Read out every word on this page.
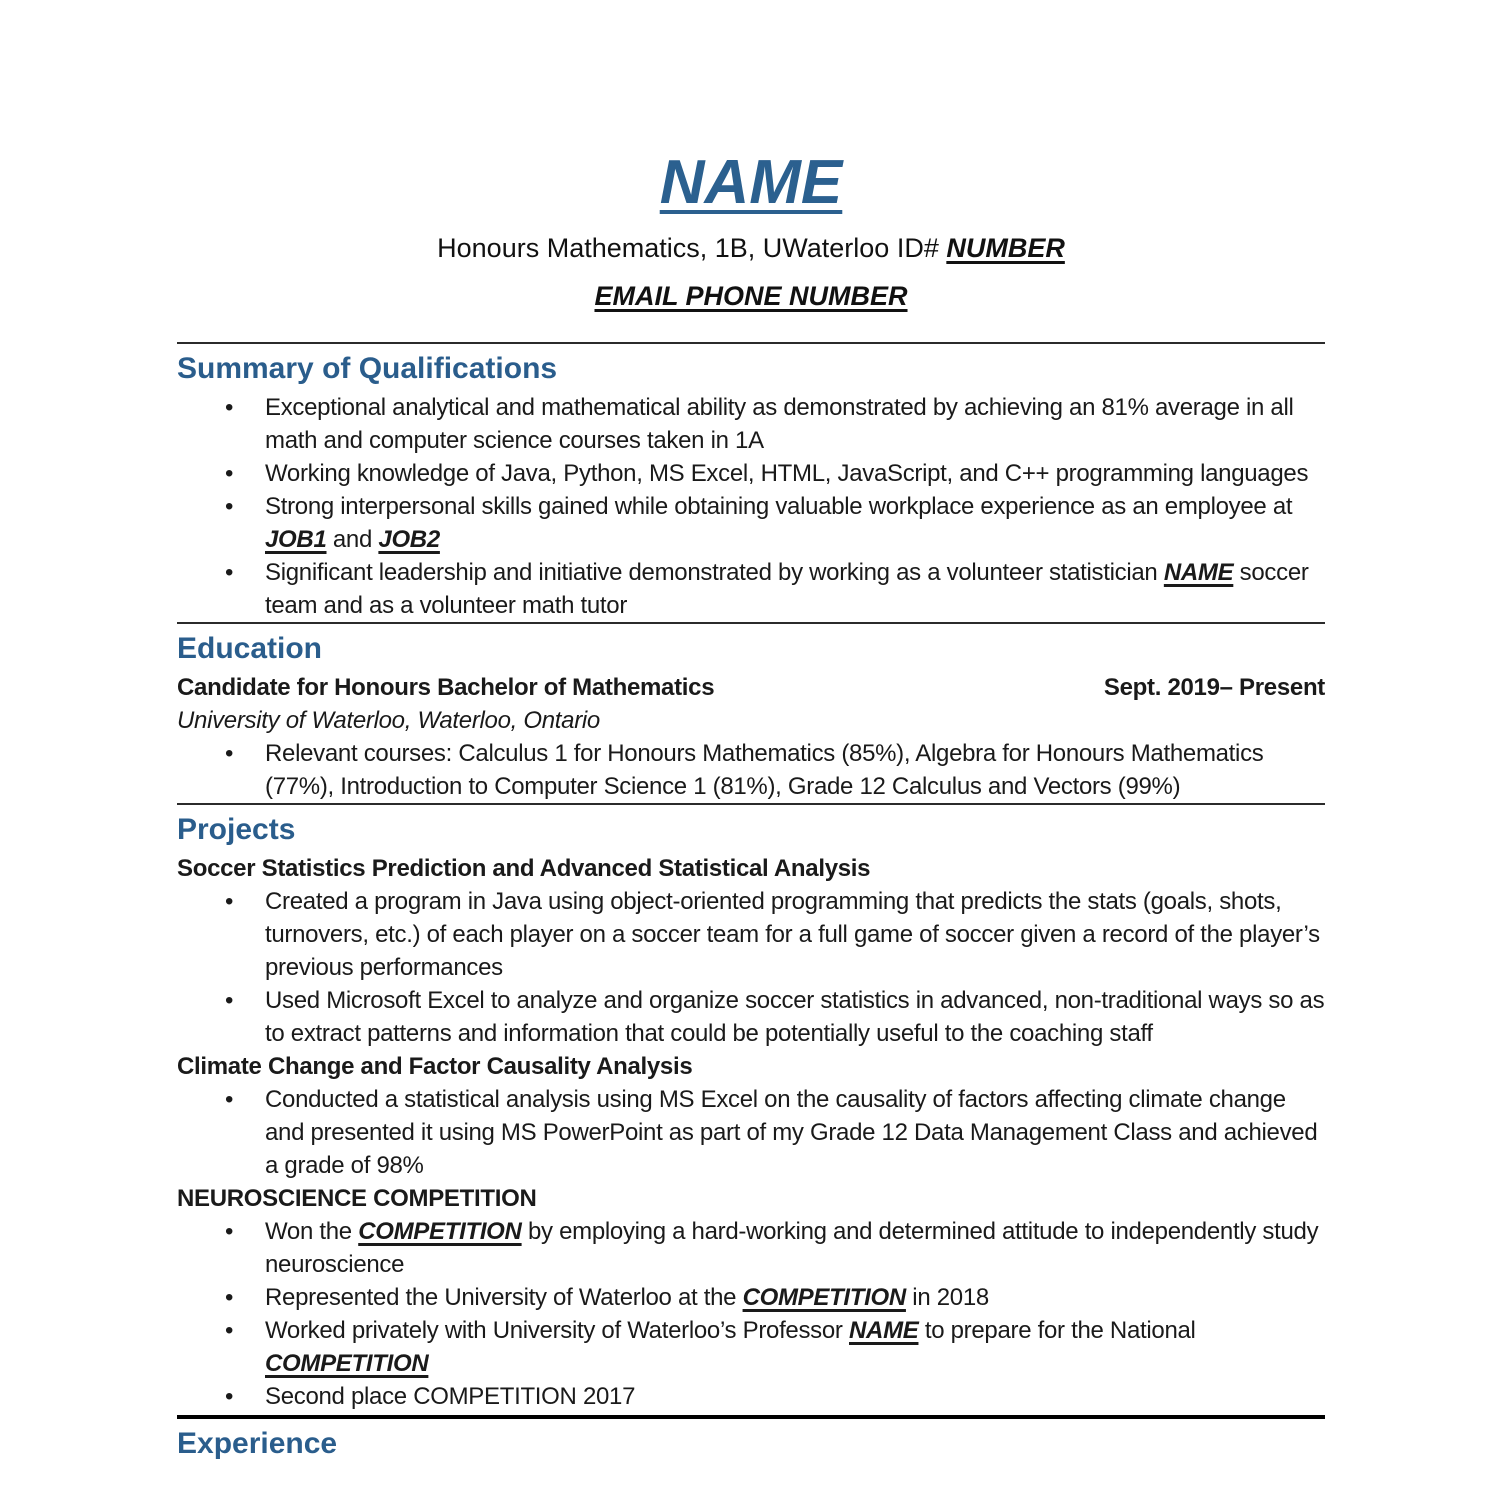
NAME
Honours Mathematics, 1B, UWaterloo ID# NUMBER
EMAIL PHONE NUMBER
Summary of Qualifications
• Exceptional analytical and mathematical ability as demonstrated by achieving an 81% average in all math and computer science courses taken in 1A
• Working knowledge of Java, Python, MS Excel, HTML, JavaScript, and C++ programming languages
• Strong interpersonal skills gained while obtaining valuable workplace experience as an employee at JOB1 and JOB2
• Significant leadership and initiative demonstrated by working as a volunteer statistician NAME soccer team and as a volunteer math tutor
Education
Candidate for Honours Bachelor of Mathematics	Sept. 2019– Present
University of Waterloo, Waterloo, Ontario
• Relevant courses: Calculus 1 for Honours Mathematics (85%), Algebra for Honours Mathematics (77%), Introduction to Computer Science 1 (81%), Grade 12 Calculus and Vectors (99%)
Projects
Soccer Statistics Prediction and Advanced Statistical Analysis
• Created a program in Java using object-oriented programming that predicts the stats (goals, shots, turnovers, etc.) of each player on a soccer team for a full game of soccer given a record of the player’s previous performances
• Used Microsoft Excel to analyze and organize soccer statistics in advanced, non-traditional ways so as to extract patterns and information that could be potentially useful to the coaching staff
Climate Change and Factor Causality Analysis
• Conducted a statistical analysis using MS Excel on the causality of factors affecting climate change and presented it using MS PowerPoint as part of my Grade 12 Data Management Class and achieved a grade of 98%
NEUROSCIENCE COMPETITION
• Won the COMPETITION by employing a hard-working and determined attitude to independently study neuroscience
• Represented the University of Waterloo at the COMPETITION in 2018
• Worked privately with University of Waterloo’s Professor NAME to prepare for the National COMPETITION
• Second place COMPETITION 2017
Experience
